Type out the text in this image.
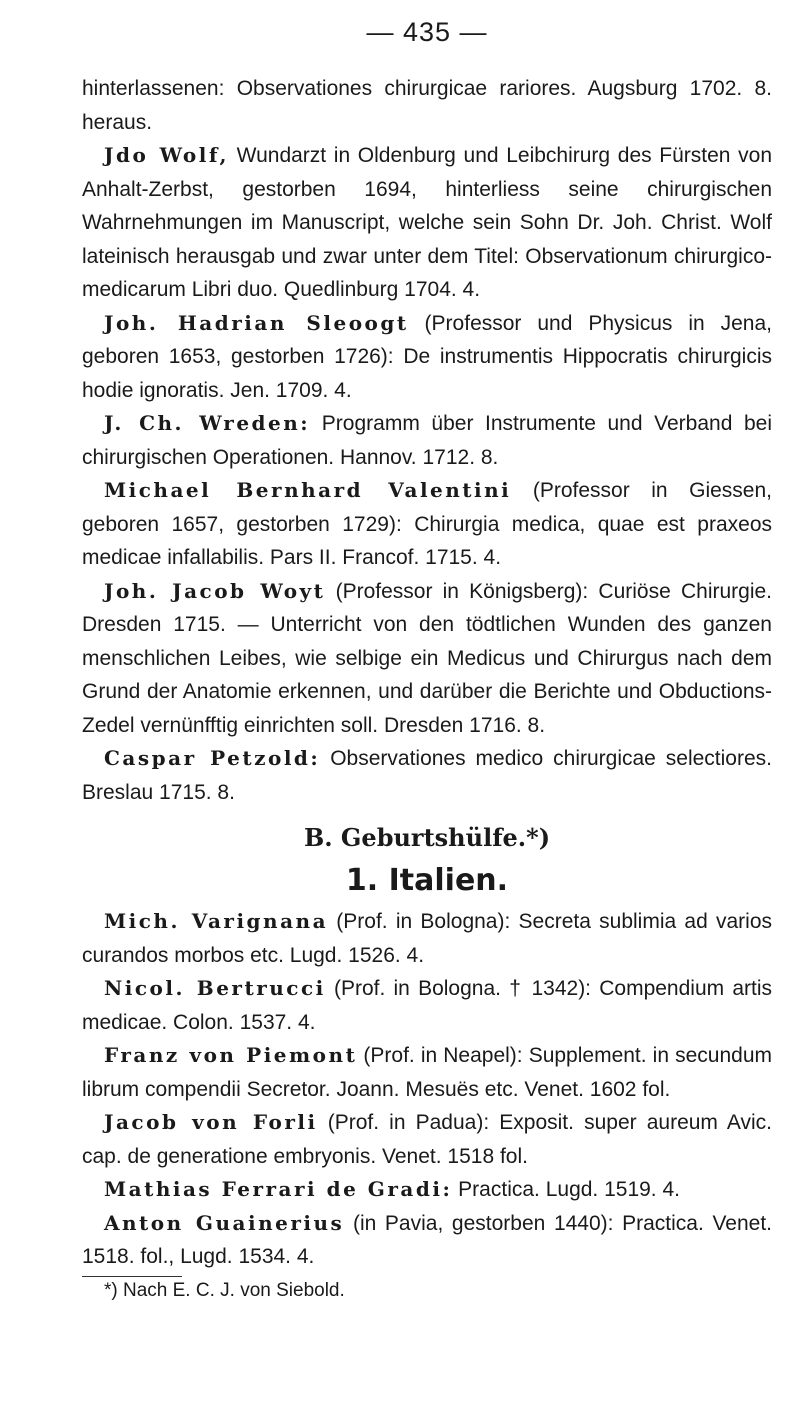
— 435 —

hinterlassenen: Observationes chirurgicae rariores. Augsburg 1702. 8. heraus.

Jdo Wolf, Wundarzt in Oldenburg und Leibchirurg des Fürsten von Anhalt-Zerbst, gestorben 1694, hinterliess seine chirurgischen Wahrnehmungen im Manuscript, welche sein Sohn Dr. Joh. Christ. Wolf lateinisch herausgab und zwar unter dem Titel: Observationum chirurgico-medicarum Libri duo. Quedlinburg 1704. 4.

Joh. Hadrian Sleoogt (Professor und Physicus in Jena, geboren 1653, gestorben 1726): De instrumentis Hippocratis chirurgicis hodie ignoratis. Jen. 1709. 4.

J. Ch. Wreden: Programm über Instrumente und Verband bei chirurgischen Operationen. Hannov. 1712. 8.

Michael Bernhard Valentini (Professor in Giessen, geboren 1657, gestorben 1729): Chirurgia medica, quae est praxeos medicae infallabilis. Pars II. Francof. 1715. 4.

Joh. Jacob Woyt (Professor in Königsberg): Curiöse Chirurgie. Dresden 1715. — Unterricht von den tödtlichen Wunden des ganzen menschlichen Leibes, wie selbige ein Medicus und Chirurgus nach dem Grund der Anatomie erkennen, und darüber die Berichte und Obductions-Zedel vernünfftig einrichten soll. Dresden 1716. 8.

Caspar Petzold: Observationes medico chirurgicae selectiores. Breslau 1715. 8.

B. Geburtshülfe.*)
1. Italien.

Mich. Varignana (Prof. in Bologna): Secreta sublimia ad varios curandos morbos etc. Lugd. 1526. 4.

Nicol. Bertrucci (Prof. in Bologna. † 1342): Compendium artis medicae. Colon. 1537. 4.

Franz von Piemont (Prof. in Neapel): Supplement. in secundum librum compendii Secretor. Joann. Mesuës etc. Venet. 1602 fol.

Jacob von Forli (Prof. in Padua): Exposit. super aureum Avic. cap. de generatione embryonis. Venet. 1518 fol.

Mathias Ferrari de Gradi: Practica. Lugd. 1519. 4.

Anton Guainerius (in Pavia, gestorben 1440): Practica. Venet. 1518. fol., Lugd. 1534. 4.

*) Nach E. C. J. von Siebold.
